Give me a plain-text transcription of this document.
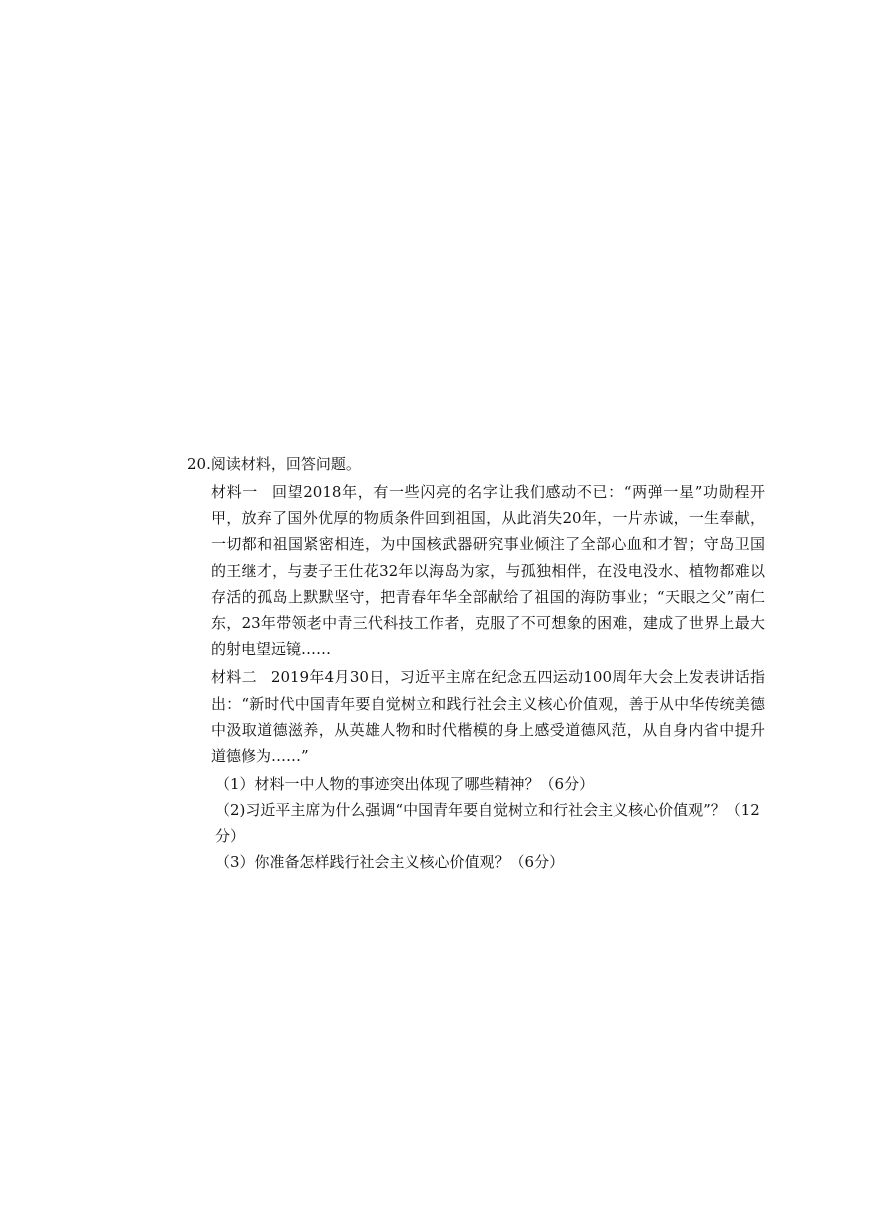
20.阅读材料，回答问题。

材料一 回望2018年，有一些闪亮的名字让我们感动不已：“两弹一星”功勋程开甲，放弃了国外优厚的物质条件回到祖国，从此消失20年，一片赤诚，一生奉献，一切都和祖国紧密相连，为中国核武器研究事业倾注了全部心血和才智；守岛卫国的王继才，与妻子王仕花32年以海岛为家，与孤独相伴，在没电没水、植物都难以存活的孤岛上默默坚守，把青春年华全部献给了祖国的海防事业；“天眼之父”南仁东，23年带领老中青三代科技工作者，克服了不可想象的困难，建成了世界上最大的射电望远镜……
材料二 2019年4月30日，习近平主席在纪念五四运动100周年大会上发表讲话指出：“新时代中国青年要自觉树立和践行社会主义核心价值观，善于从中华传统美德中汲取道德滋养，从英雄人物和时代楷模的身上感受道德风范，从自身内省中提升道德修为……”

（1）材料一中人物的事迹突出体现了哪些精神？（6分）

（2)习近平主席为什么强调“中国青年要自觉树立和行社会主义核心价值观”？（12分）

（3）你准备怎样践行社会主义核心价值观？（6分）
